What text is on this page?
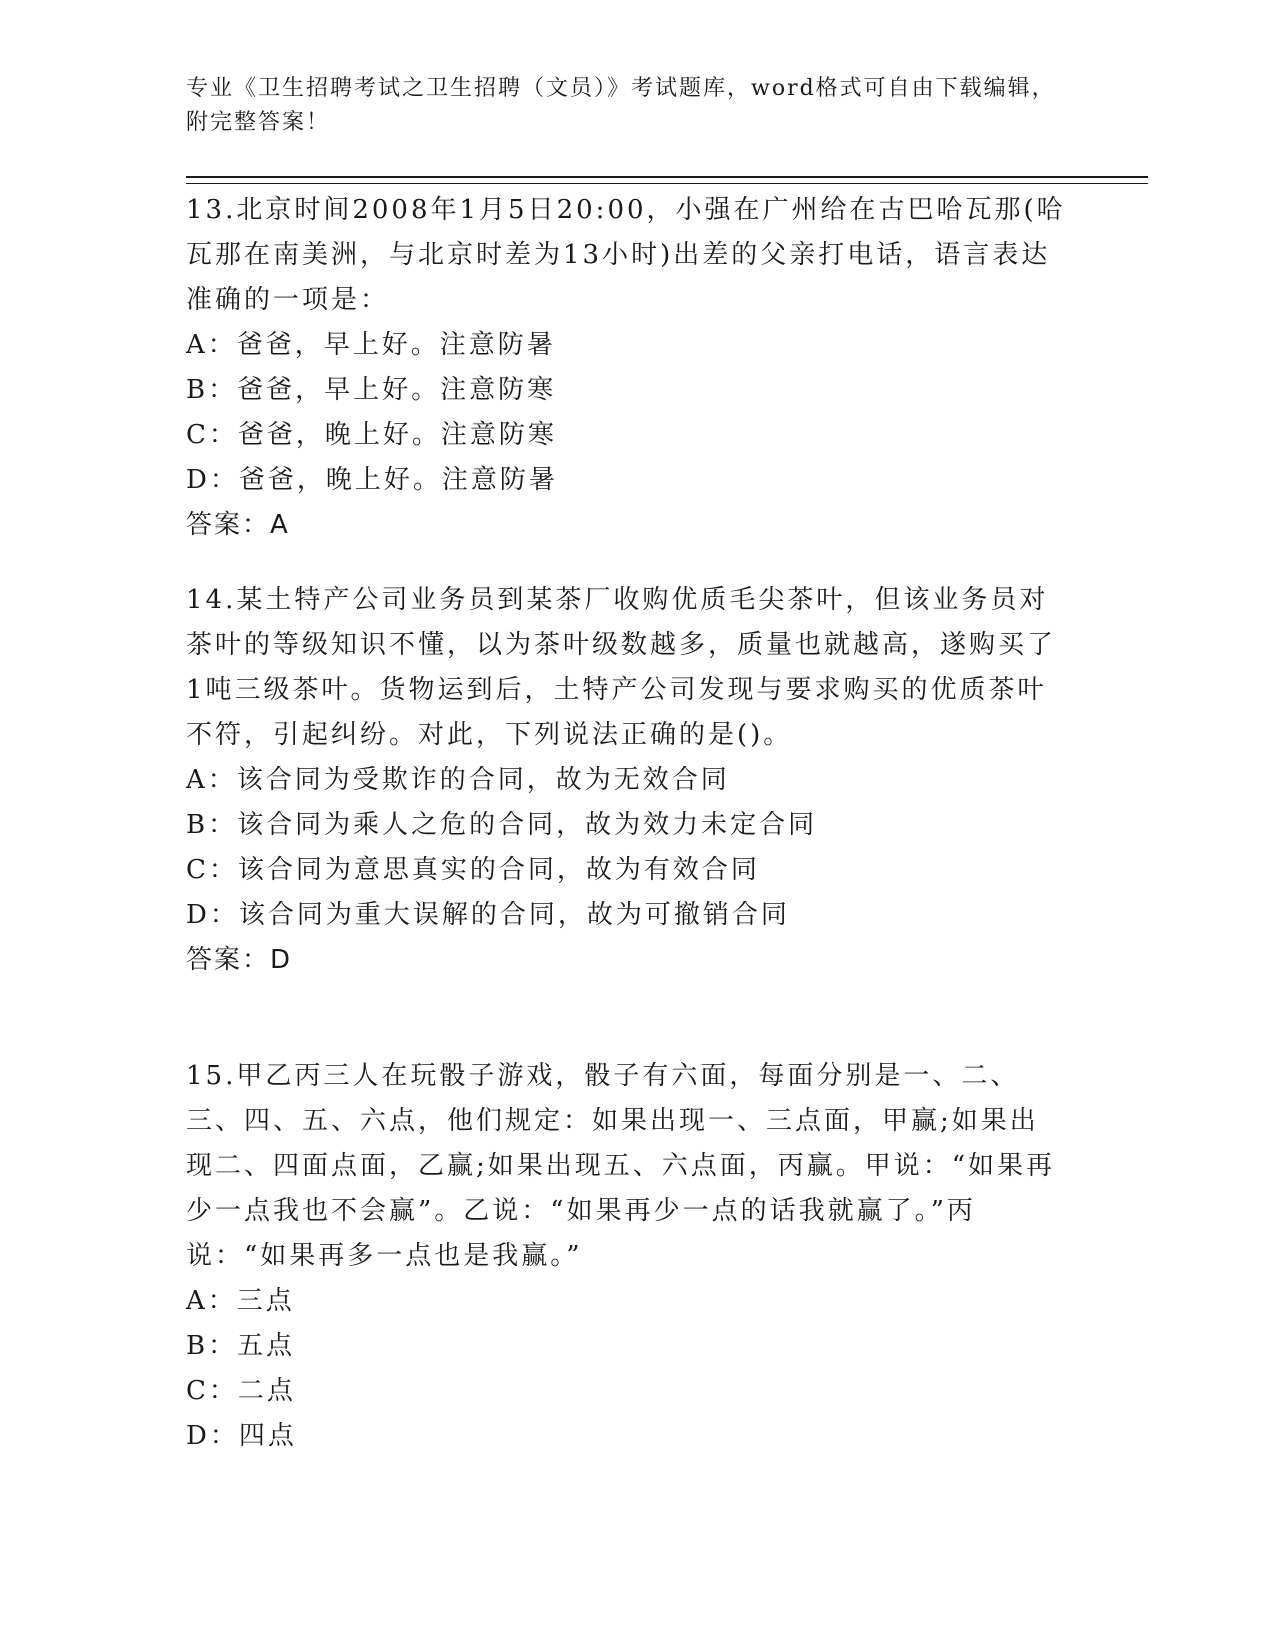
专业《卫生招聘考试之卫生招聘（文员）》考试题库，word格式可自由下载编辑，附完整答案！
13.北京时间2008年1月5日20:00，小强在广州给在古巴哈瓦那(哈瓦那在南美洲，与北京时差为13小时)出差的父亲打电话，语言表达准确的一项是：
A：爸爸，早上好。注意防暑
B：爸爸，早上好。注意防寒
C：爸爸，晚上好。注意防寒
D：爸爸，晚上好。注意防暑
答案：A
14.某土特产公司业务员到某茶厂收购优质毛尖茶叶，但该业务员对茶叶的等级知识不懂，以为茶叶级数越多，质量也就越高，遂购买了1吨三级茶叶。货物运到后，土特产公司发现与要求购买的优质茶叶不符，引起纠纷。对此，下列说法正确的是()。
A：该合同为受欺诈的合同，故为无效合同
B：该合同为乘人之危的合同，故为效力未定合同
C：该合同为意思真实的合同，故为有效合同
D：该合同为重大误解的合同，故为可撤销合同
答案：D
15.甲乙丙三人在玩骰子游戏，骰子有六面，每面分别是一、二、三、四、五、六点，他们规定：如果出现一、三点面，甲赢;如果出现二、四面点面，乙赢;如果出现五、六点面，丙赢。甲说：“如果再少一点我也不会赢”。乙说：“如果再少一点的话我就赢了。”丙说：“如果再多一点也是我赢。”
A：三点
B：五点
C：二点
D：四点
